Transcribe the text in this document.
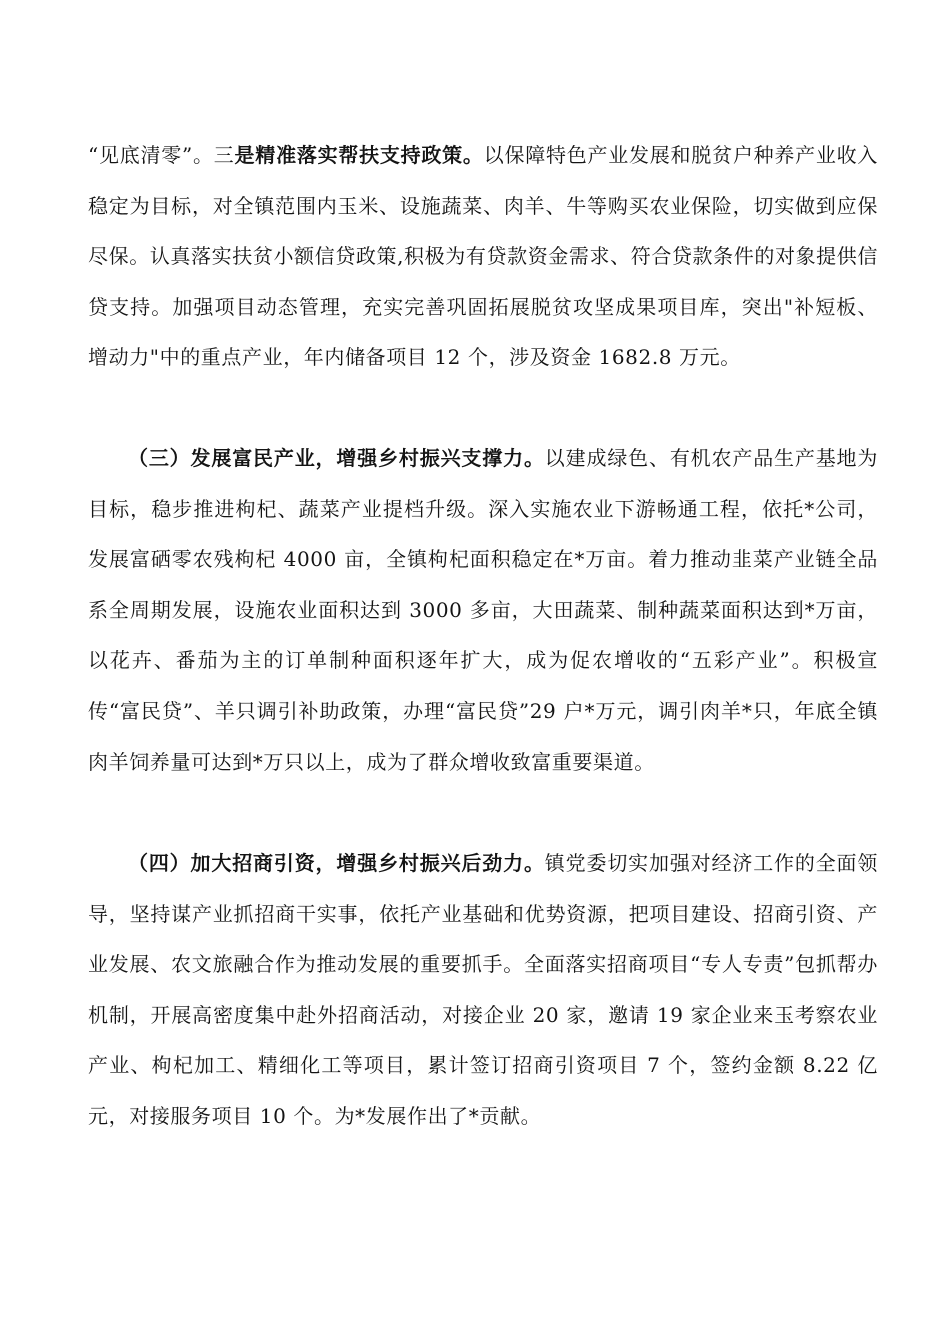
“见底清零”。三是精准落实帮扶支持政策。以保障特色产业发展和脱贫户种养产业收入稳定为目标，对全镇范围内玉米、设施蔬菜、肉羊、牛等购买农业保险，切实做到应保尽保。认真落实扶贫小额信贷政策,积极为有贷款资金需求、符合贷款条件的对象提供信贷支持。加强项目动态管理，充实完善巩固拓展脱贫攻坚成果项目库，突出"补短板、增动力"中的重点产业，年内储备项目 12 个，涉及资金 1682.8 万元。

（三）发展富民产业，增强乡村振兴支撑力。以建成绿色、有机农产品生产基地为目标，稳步推进枸杞、蔬菜产业提档升级。深入实施农业下游畅通工程，依托*公司，发展富硒零农残枸杞 4000 亩，全镇枸杞面积稳定在*万亩。着力推动韭菜产业链全品系全周期发展，设施农业面积达到 3000 多亩，大田蔬菜、制种蔬菜面积达到*万亩，以花卉、番茄为主的订单制种面积逐年扩大，成为促农增收的“五彩产业”。积极宣传“富民贷”、羊只调引补助政策，办理“富民贷”29 户*万元，调引肉羊*只，年底全镇肉羊饲养量可达到*万只以上，成为了群众增收致富重要渠道。

（四）加大招商引资，增强乡村振兴后劲力。镇党委切实加强对经济工作的全面领导，坚持谋产业抓招商干实事，依托产业基础和优势资源，把项目建设、招商引资、产业发展、农文旅融合作为推动发展的重要抓手。全面落实招商项目“专人专责”包抓帮办机制，开展高密度集中赴外招商活动，对接企业 20 家，邀请 19 家企业来玉考察农业产业、枸杞加工、精细化工等项目，累计签订招商引资项目 7 个，签约金额 8.22 亿元，对接服务项目 10 个。为*发展作出了*贡献。
